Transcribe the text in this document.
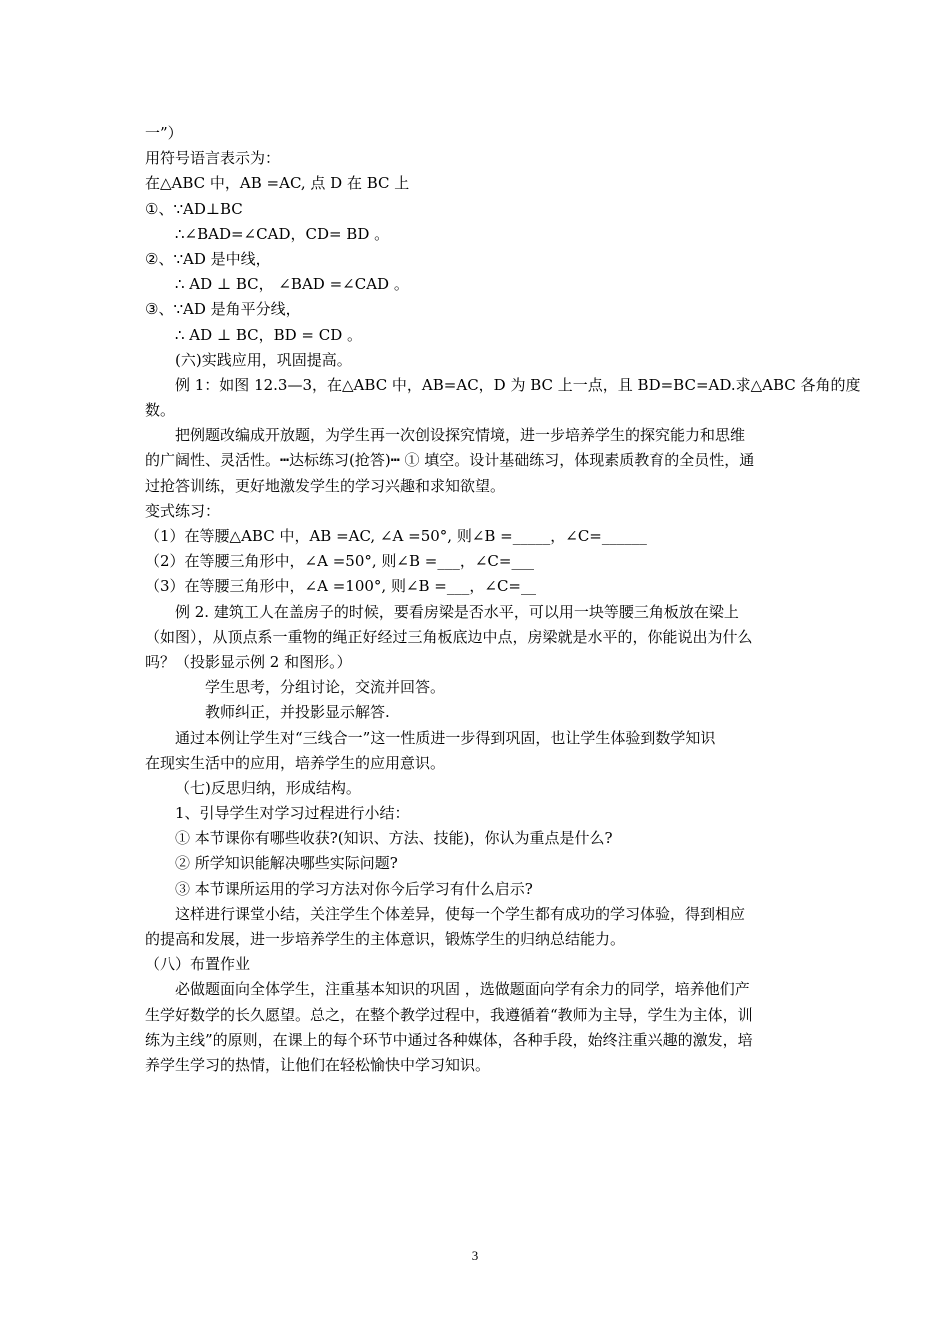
一”）
用符号语言表示为：
在△ABC 中，AB =AC, 点 D 在 BC 上
①、∵AD⊥BC
∴∠BAD=∠CAD，CD= BD 。
②、∵AD 是中线，
∴ AD ⊥ BC， ∠BAD =∠CAD 。
③、∵AD 是角平分线，
∴ AD ⊥ BC，BD = CD 。
(六)实践应用，巩固提高。
例 1：如图 12.3—3，在△ABC 中，AB=AC，D 为 BC 上一点，且 BD=BC=AD.求△ABC 各角的度
数。
把例题改编成开放题，为学生再一次创设探究情境，进一步培养学生的探究能力和思维
的广阔性、灵活性。┅达标练习(抢答)┅ ① 填空。设计基础练习，体现素质教育的全员性，通
过抢答训练，更好地激发学生的学习兴趣和求知欲望。
变式练习：
（1）在等腰△ABC 中，AB =AC, ∠A =50°, 则∠B =_____，∠C=______
（2）在等腰三角形中，∠A =50°, 则∠B =___，∠C=___
（3）在等腰三角形中，∠A =100°, 则∠B =___，∠C=__
例 2. 建筑工人在盖房子的时候，要看房梁是否水平，可以用一块等腰三角板放在梁上
（如图），从顶点系一重物的绳正好经过三角板底边中点，房梁就是水平的，你能说出为什么
吗？（投影显示例 2 和图形。）
学生思考，分组讨论，交流并回答。
教师纠正，并投影显示解答.
通过本例让学生对“三线合一”这一性质进一步得到巩固，也让学生体验到数学知识
在现实生活中的应用，培养学生的应用意识。
（七)反思归纳，形成结构。
1、引导学生对学习过程进行小结：
① 本节课你有哪些收获?(知识、方法、技能)，你认为重点是什么?
② 所学知识能解决哪些实际问题?
③ 本节课所运用的学习方法对你今后学习有什么启示?
这样进行课堂小结，关注学生个体差异，使每一个学生都有成功的学习体验，得到相应
的提高和发展，进一步培养学生的主体意识，锻炼学生的归纳总结能力。
（八）布置作业
必做题面向全体学生，注重基本知识的巩固 ，选做题面向学有余力的同学，培养他们产
生学好数学的长久愿望。总之，在整个教学过程中，我遵循着“教师为主导，学生为主体，训
练为主线”的原则，在课上的每个环节中通过各种媒体，各种手段，始终注重兴趣的激发，培
养学生学习的热情，让他们在轻松愉快中学习知识。
3
